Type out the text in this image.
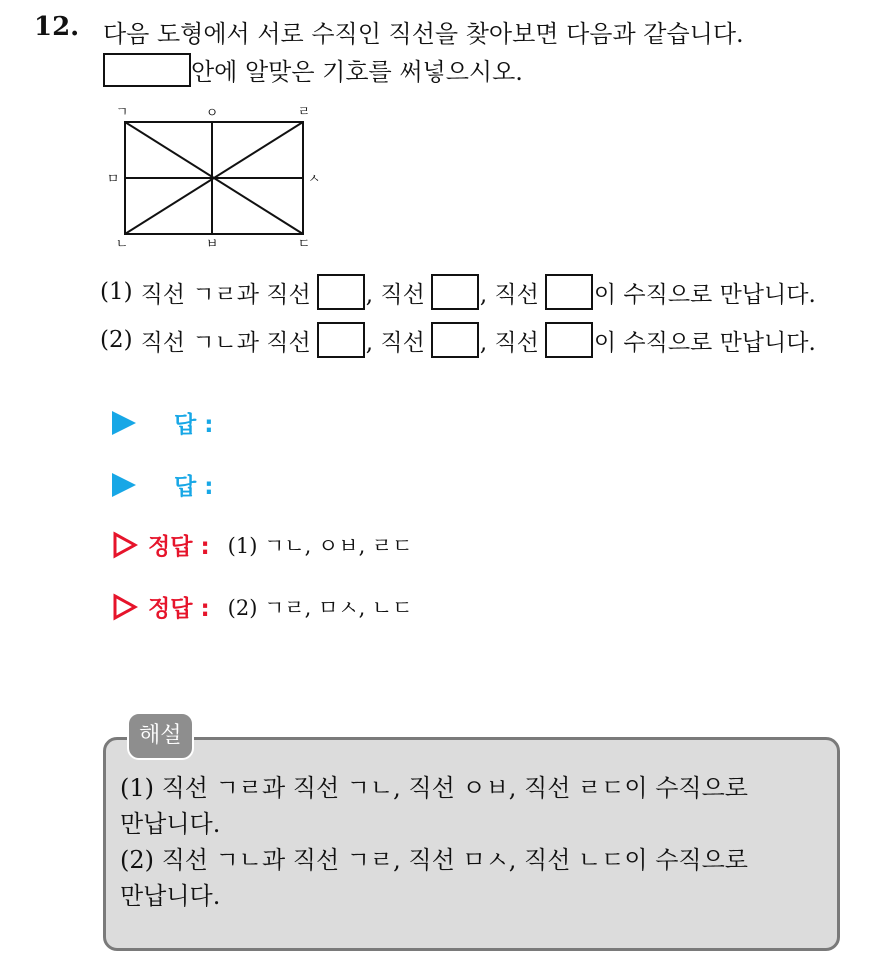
12. 다음 도형에서 서로 수직인 직선을 찾아보면 다음과 같습니다.
안에 알맞은 기호를 써넣으시오.
ㄱ	ㅇ	ㄹ
ㅁ	ㅅ
ㄴ	ㅂ	ㄷ
(1) 직선 ㄱㄹ과 직선 , 직선 , 직선 이 수직으로 만납니다.
(2) 직선 ㄱㄴ과 직선 , 직선 , 직선 이 수직으로 만납니다.
답 :
답 :
정답 : (1) ㄱㄴ, ㅇㅂ, ㄹㄷ
정답 : (2) ㄱㄹ, ㅁㅅ, ㄴㄷ
해설
(1) 직선 ㄱㄹ과 직선 ㄱㄴ, 직선 ㅇㅂ, 직선 ㄹㄷ이 수직으로
만납니다.
(2) 직선 ㄱㄴ과 직선 ㄱㄹ, 직선 ㅁㅅ, 직선 ㄴㄷ이 수직으로
만납니다.
